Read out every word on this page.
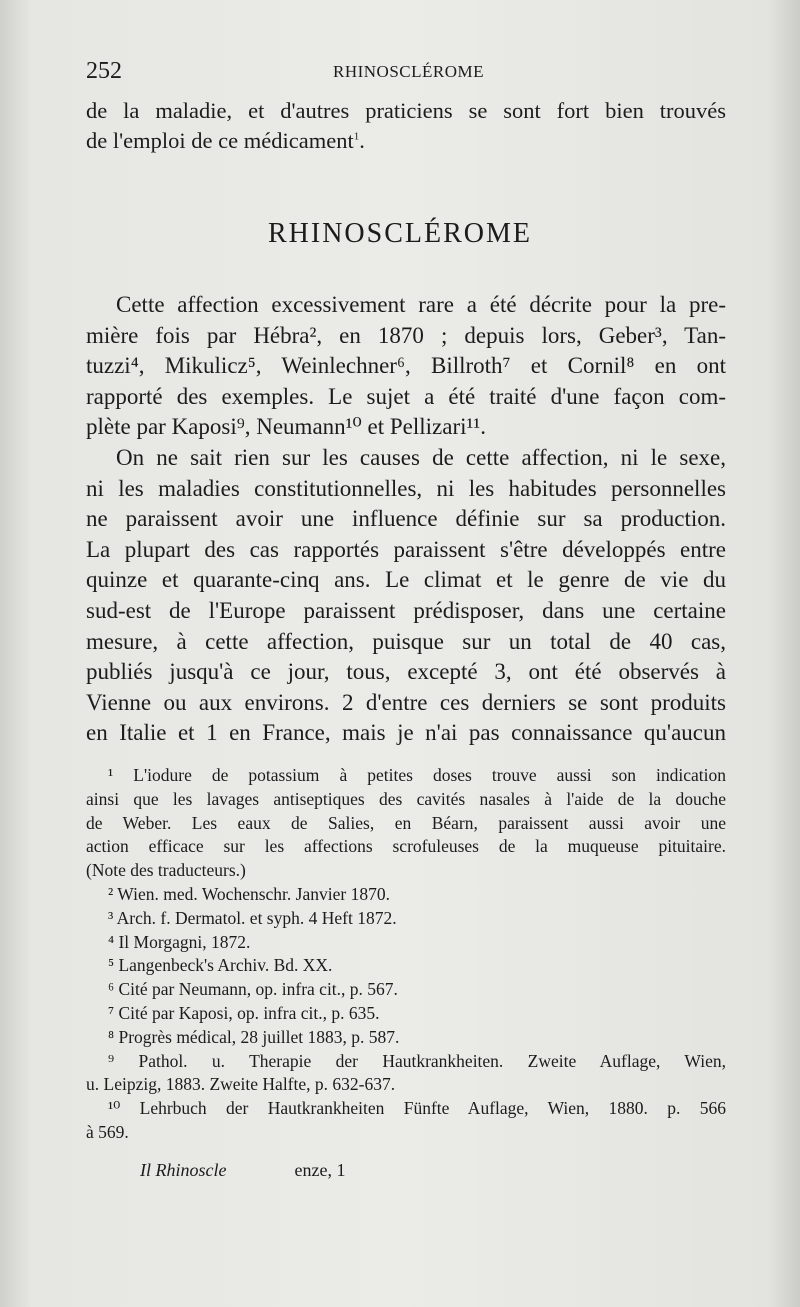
252	RHINOSCLÉROME
de la maladie, et d'autres praticiens se sont fort bien trouvés
de l'emploi de ce médicament$^1$.
RHINOSCLÉROME
Cette affection excessivement rare a été décrite pour la pre-
mière fois par Hébra², en 1870 ; depuis lors, Geber³, Tan-
tuzzi⁴, Mikulicz⁵, Weinlechner⁶, Billroth⁷ et Cornil⁸ en ont
rapporté des exemples. Le sujet a été traité d'une façon com-
plète par Kaposi⁹, Neumann¹⁰ et Pellizari¹¹.
On ne sait rien sur les causes de cette affection, ni le sexe,
ni les maladies constitutionnelles, ni les habitudes personnelles
ne paraissent avoir une influence définie sur sa production.
La plupart des cas rapportés paraissent s'être développés entre
quinze et quarante-cinq ans. Le climat et le genre de vie du
sud-est de l'Europe paraissent prédisposer, dans une certaine
mesure, à cette affection, puisque sur un total de 40 cas,
publiés jusqu'à ce jour, tous, excepté 3, ont été observés à
Vienne ou aux environs. 2 d'entre ces derniers se sont produits
en Italie et 1 en France, mais je n'ai pas connaissance qu'aucun
¹ L'iodure de potassium à petites doses trouve aussi son indication
ainsi que les lavages antiseptiques des cavités nasales à l'aide de la douche
de Weber. Les eaux de Salies, en Béarn, paraissent aussi avoir une
action efficace sur les affections scrofuleuses de la muqueuse pituitaire.
(Note des traducteurs.)
² Wien. med. Wochenschr. Janvier 1870.
³ Arch. f. Dermatol. et syph. 4 Heft 1872.
⁴ Il Morgagni, 1872.
⁵ Langenbeck's Archiv. Bd. XX.
⁶ Cité par Neumann, op. infra cit., p. 567.
⁷ Cité par Kaposi, op. infra cit., p. 635.
⁸ Progrès médical, 28 juillet 1883, p. 587.
⁹ Pathol. u. Therapie der Hautkrankheiten. Zweite Auflage, Wien,
u. Leipzig, 1883. Zweite Halfte, p. 632-637.
¹⁰ Lehrbuch der Hautkrankheiten Fünfte Auflage, Wien, 1880. p. 566
à 569.
Il Rhinoscle	enze, 1
